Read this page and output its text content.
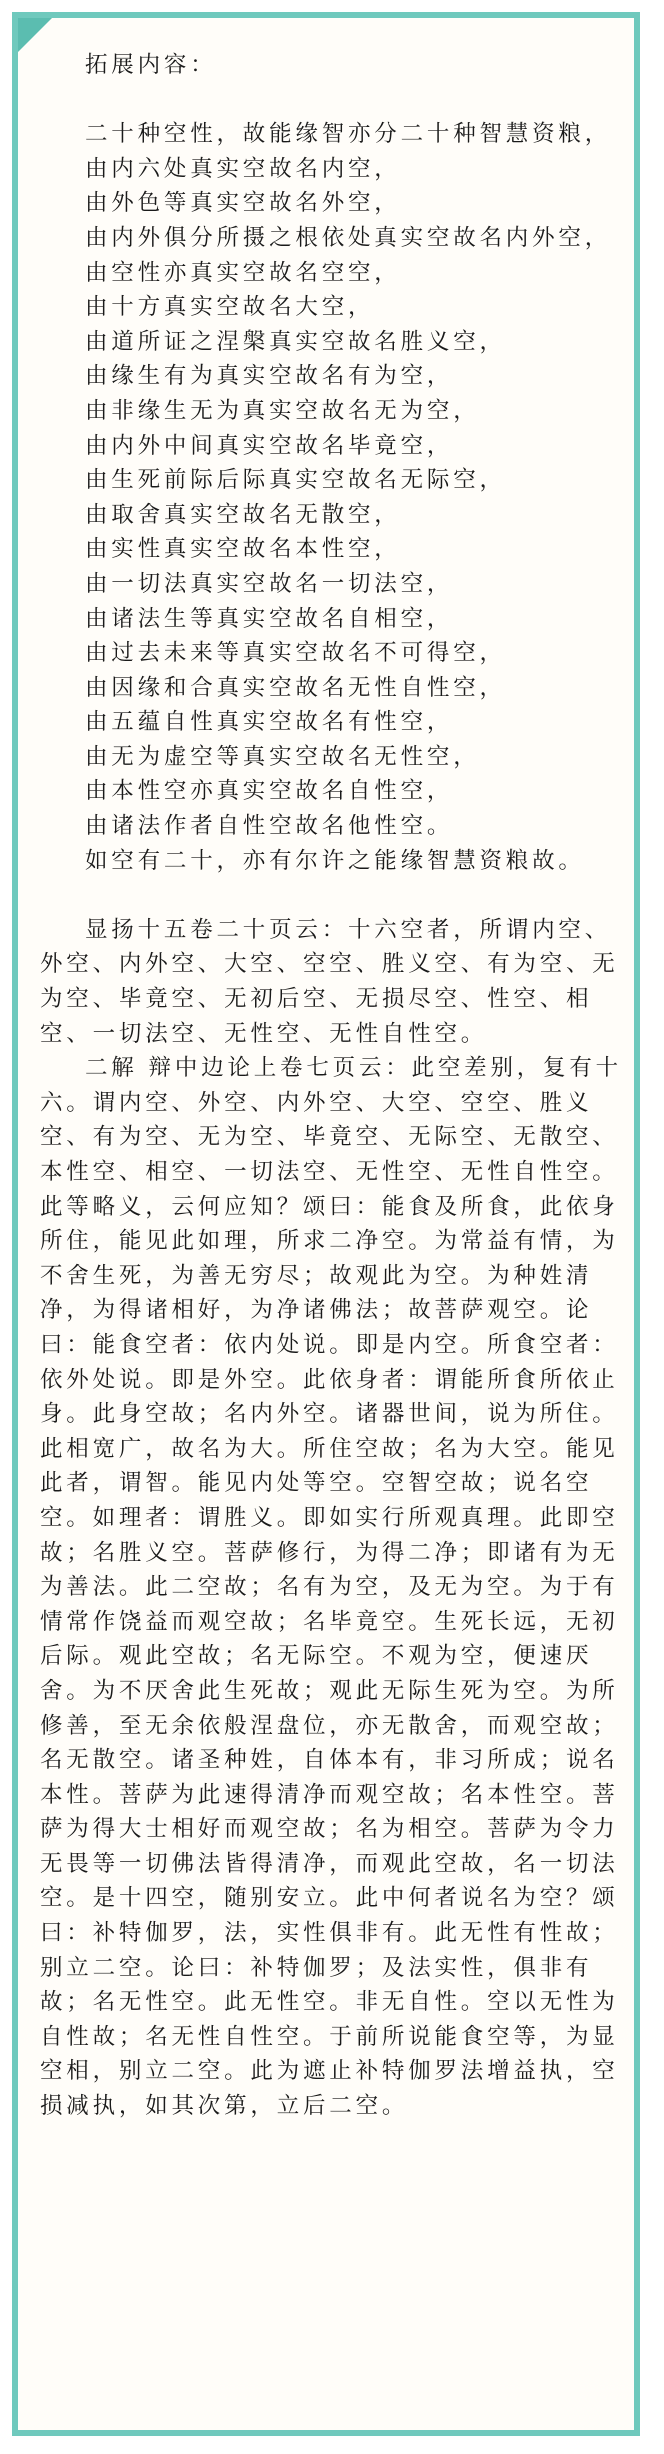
拓展内容：

二十种空性，故能缘智亦分二十种智慧资粮，

由内六处真实空故名内空，

由外色等真实空故名外空，

由内外俱分所摄之根依处真实空故名内外空，

由空性亦真实空故名空空，

由十方真实空故名大空，

由道所证之涅槃真实空故名胜义空，

由缘生有为真实空故名有为空，

由非缘生无为真实空故名无为空，

由内外中间真实空故名毕竟空，

由生死前际后际真实空故名无际空，

由取舍真实空故名无散空，

由实性真实空故名本性空，

由一切法真实空故名一切法空，

由诸法生等真实空故名自相空，

由过去未来等真实空故名不可得空，

由因缘和合真实空故名无性自性空，

由五蕴自性真实空故名有性空，

由无为虚空等真实空故名无性空，

由本性空亦真实空故名自性空，

由诸法作者自性空故名他性空。

如空有二十，亦有尔许之能缘智慧资粮故。

显扬十五卷二十页云：十六空者，所谓内空、外空、内外空、大空、空空、胜义空、有为空、无为空、毕竟空、无初后空、无损尽空、性空、相空、一切法空、无性空、无性自性空。

二解 辩中边论上卷七页云：此空差别，复有十六。谓内空、外空、内外空、大空、空空、胜义空、有为空、无为空、毕竟空、无际空、无散空、本性空、相空、一切法空、无性空、无性自性空。此等略义，云何应知？颂曰：能食及所食，此依身所住，能见此如理，所求二净空。为常益有情，为不舍生死，为善无穷尽；故观此为空。为种姓清净，为得诸相好，为净诸佛法；故菩萨观空。论曰：能食空者：依内处说。即是内空。所食空者：依外处说。即是外空。此依身者：谓能所食所依止身。此身空故；名内外空。诸器世间，说为所住。此相宽广，故名为大。所住空故；名为大空。能见此者，谓智。能见内处等空。空智空故；说名空空。如理者：谓胜义。即如实行所观真理。此即空故；名胜义空。菩萨修行，为得二净；即诸有为无为善法。此二空故；名有为空，及无为空。为于有情常作饶益而观空故；名毕竟空。生死长远，无初后际。观此空故；名无际空。不观为空，便速厌舍。为不厌舍此生死故；观此无际生死为空。为所修善，至无余依般涅盘位，亦无散舍，而观空故；名无散空。诸圣种姓，自体本有，非习所成；说名本性。菩萨为此速得清净而观空故；名本性空。菩萨为得大士相好而观空故；名为相空。菩萨为令力无畏等一切佛法皆得清净，而观此空故，名一切法空。是十四空，随别安立。此中何者说名为空？颂曰：补特伽罗，法，实性俱非有。此无性有性故；别立二空。论曰：补特伽罗；及法实性，俱非有故；名无性空。此无性空。非无自性。空以无性为自性故；名无性自性空。于前所说能食空等，为显空相，别立二空。此为遮止补特伽罗法增益执，空损减执，如其次第，立后二空。
